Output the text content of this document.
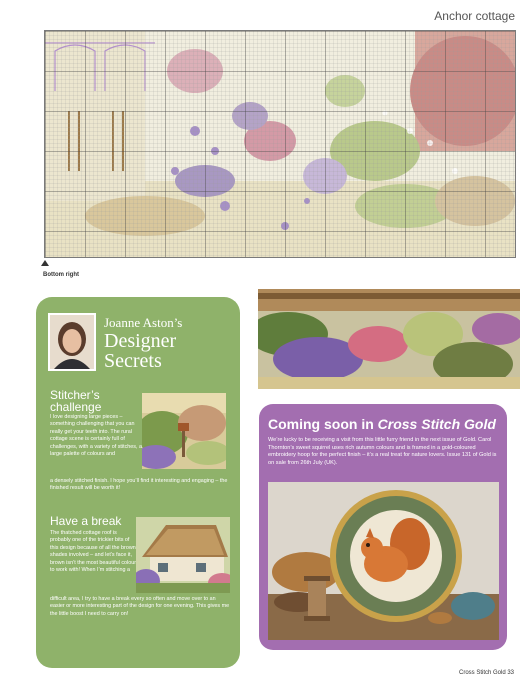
Anchor cottage
Bottom right
Joanne Aston’s
Designer
Secrets
Stitcher’s challenge
I love designing large pieces – something challenging that you can really get your teeth into. The rural cottage scene is certainly full of challenges, with a variety of stitches, a large palette of colours and
a densely stitched finish. I hope you’ll find it interesting and engaging – the finished result will be worth it!
Have a break
The thatched cottage roof is probably one of the trickier bits of this design because of all the brown shades involved – and let’s face it, brown isn’t the most beautiful colour to work with! When I’m stitching a
difficult area, I try to have a break every so often and move over to an easier or more interesting part of the design for one evening. This gives me the little boost I need to carry on!
Coming soon in Cross Stitch Gold
We’re lucky to be receiving a visit from this little furry friend in the next issue of Gold. Carol Thornton’s sweet squirrel uses rich autumn colours and is framed in a gold-coloured embroidery hoop for the perfect finish – it’s a real treat for nature lovers. Issue 131 of Gold is on sale from 26th July (UK).
Cross Stitch Gold 33
